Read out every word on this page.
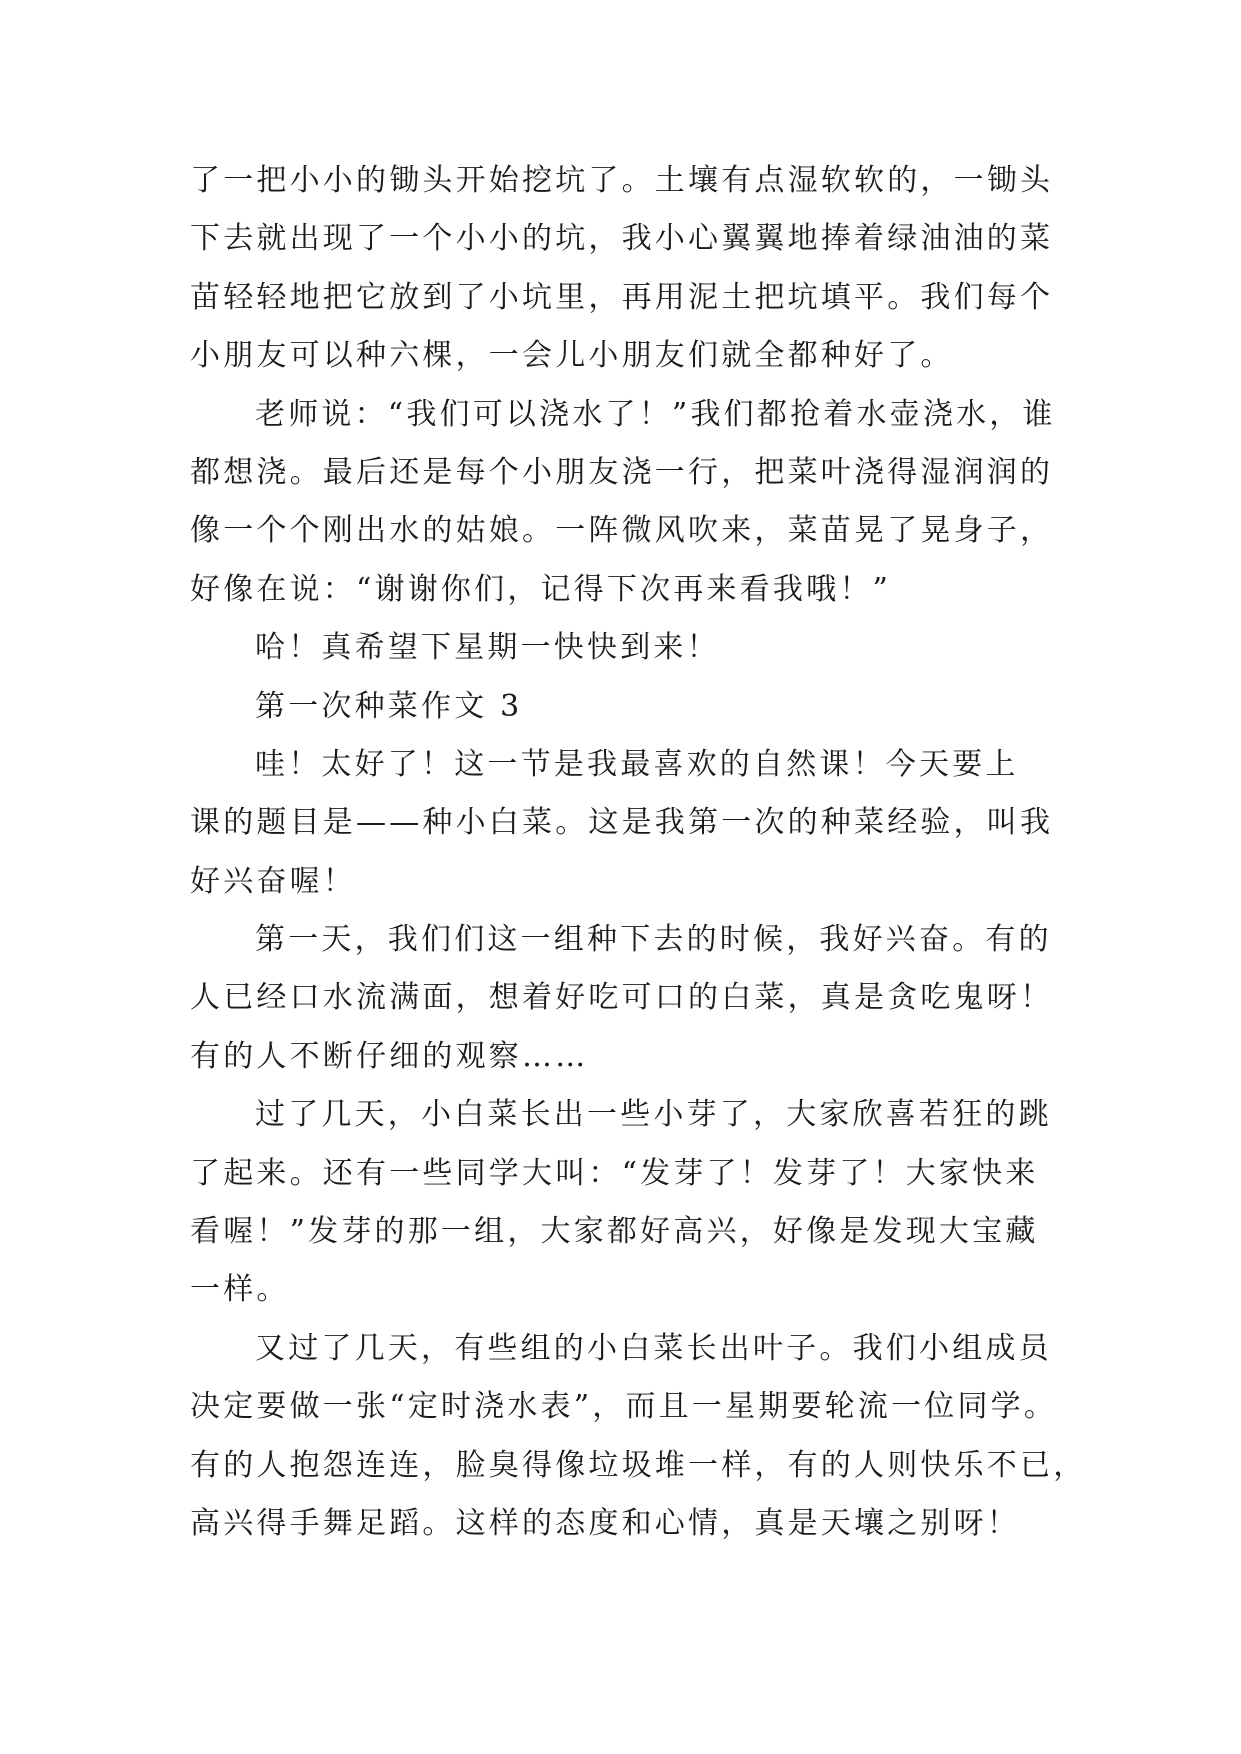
了一把小小的锄头开始挖坑了。土壤有点湿软软的，一锄头
下去就出现了一个小小的坑，我小心翼翼地捧着绿油油的菜
苗轻轻地把它放到了小坑里，再用泥土把坑填平。我们每个
小朋友可以种六棵，一会儿小朋友们就全都种好了。
老师说：“我们可以浇水了！”我们都抢着水壶浇水，谁
都想浇。最后还是每个小朋友浇一行，把菜叶浇得湿润润的
像一个个刚出水的姑娘。一阵微风吹来，菜苗晃了晃身子，
好像在说：“谢谢你们，记得下次再来看我哦！”
哈！真希望下星期一快快到来！
第一次种菜作文 3
哇！太好了！这一节是我最喜欢的自然课！今天要上
课的题目是——种小白菜。这是我第一次的种菜经验，叫我
好兴奋喔！
第一天，我们们这一组种下去的时候，我好兴奋。有的
人已经口水流满面，想着好吃可口的白菜，真是贪吃鬼呀！
有的人不断仔细的观察……
过了几天，小白菜长出一些小芽了，大家欣喜若狂的跳
了起来。还有一些同学大叫：“发芽了！发芽了！大家快来
看喔！”发芽的那一组，大家都好高兴，好像是发现大宝藏
一样。
又过了几天，有些组的小白菜长出叶子。我们小组成员
决定要做一张“定时浇水表”，而且一星期要轮流一位同学。
有的人抱怨连连，脸臭得像垃圾堆一样，有的人则快乐不已，
高兴得手舞足蹈。这样的态度和心情，真是天壤之别呀！
